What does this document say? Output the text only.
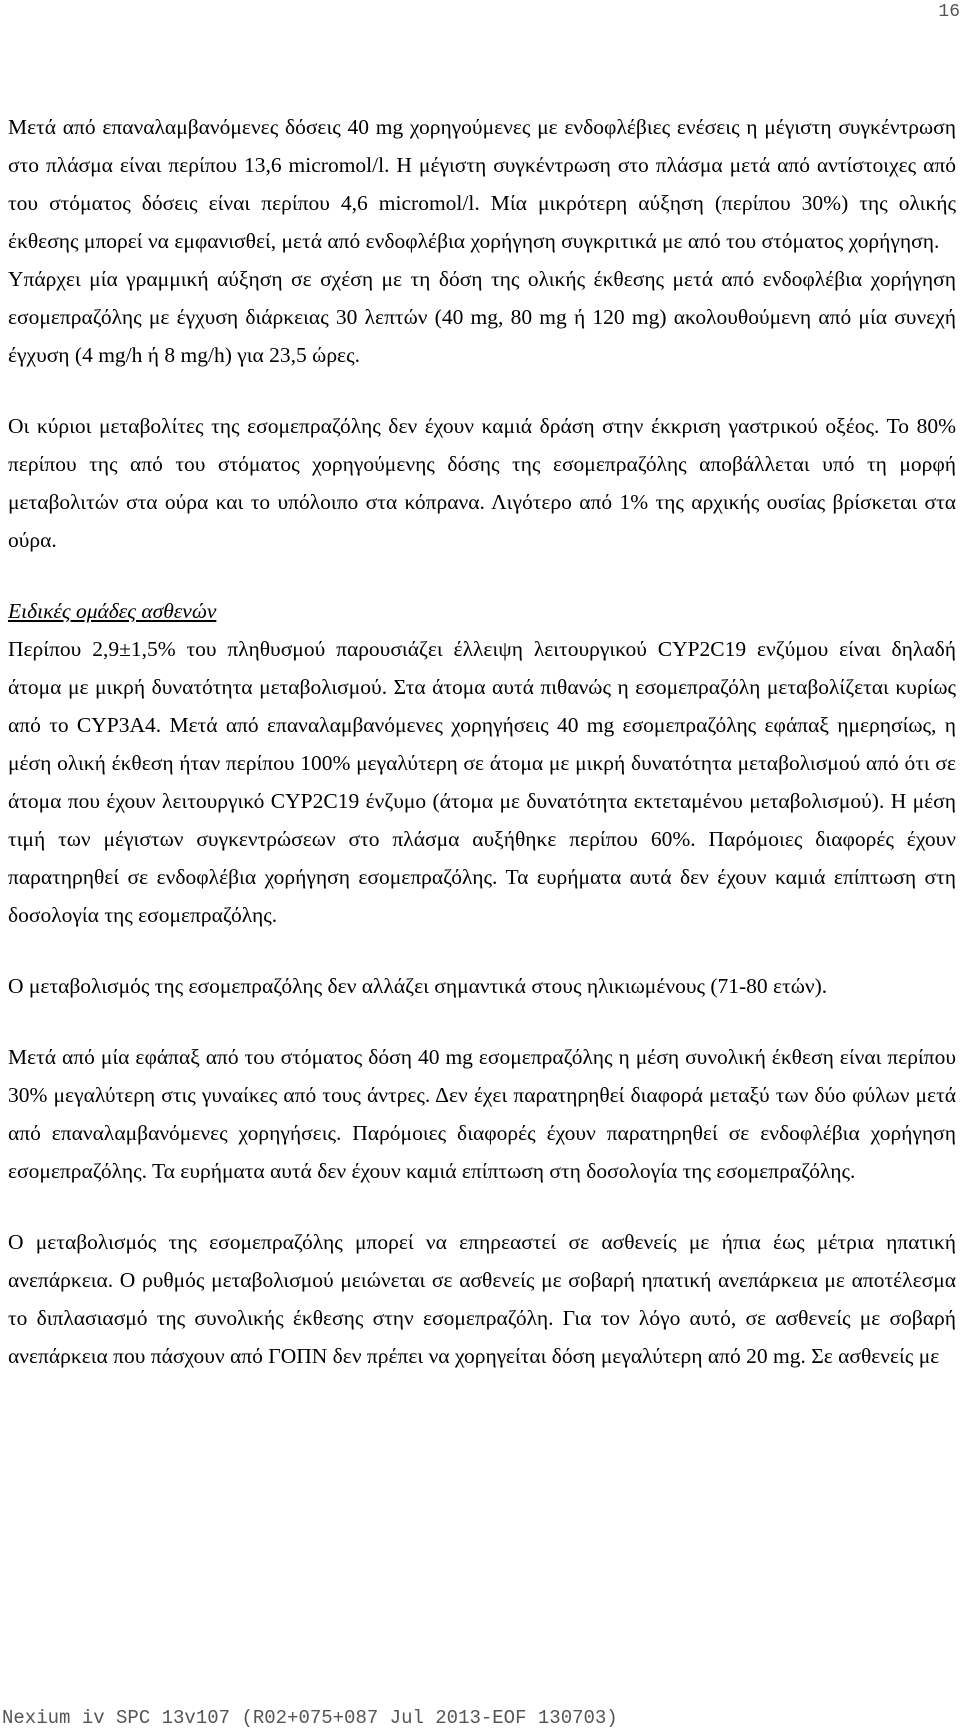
16

Μετά από επαναλαμβανόμενες δόσεις 40 mg χορηγούμενες με ενδοφλέβιες ενέσεις η μέγιστη συγκέντρωση στο πλάσμα είναι περίπου 13,6 micromol/l. Η μέγιστη συγκέντρωση στο πλάσμα μετά από αντίστοιχες από του στόματος δόσεις είναι περίπου 4,6 micromol/l. Μία μικρότερη αύξηση (περίπου 30%) της ολικής έκθεσης μπορεί να εμφανισθεί, μετά από ενδοφλέβια χορήγηση συγκριτικά με από του στόματος χορήγηση.

Υπάρχει μία γραμμική αύξηση σε σχέση με τη δόση της ολικής έκθεσης μετά από ενδοφλέβια χορήγηση εσομεπραζόλης με έγχυση διάρκειας 30 λεπτών (40 mg, 80 mg ή 120 mg) ακολουθούμενη από μία συνεχή έγχυση (4 mg/h ή 8 mg/h) για 23,5 ώρες.

Οι κύριοι μεταβολίτες της εσομεπραζόλης δεν έχουν καμιά δράση στην έκκριση γαστρικού οξέος. Το 80% περίπου της από του στόματος χορηγούμενης δόσης της εσομεπραζόλης αποβάλλεται υπό τη μορφή μεταβολιτών στα ούρα και το υπόλοιπο στα κόπρανα. Λιγότερο από 1% της αρχικής ουσίας βρίσκεται στα ούρα.

Ειδικές ομάδες ασθενών

Περίπου 2,9±1,5% του πληθυσμού παρουσιάζει έλλειψη λειτουργικού CYP2C19 ενζύμου είναι δηλαδή άτομα με μικρή δυνατότητα μεταβολισμού. Στα άτομα αυτά πιθανώς η εσομεπραζόλη μεταβολίζεται κυρίως από το CYP3A4. Μετά από επαναλαμβανόμενες χορηγήσεις 40 mg εσομεπραζόλης εφάπαξ ημερησίως, η μέση ολική έκθεση ήταν περίπου 100% μεγαλύτερη σε άτομα με μικρή δυνατότητα μεταβολισμού από ότι σε άτομα που έχουν λειτουργικό CYP2C19 ένζυμο (άτομα με δυνατότητα εκτεταμένου μεταβολισμού). Η μέση τιμή των μέγιστων συγκεντρώσεων στο πλάσμα αυξήθηκε περίπου 60%. Παρόμοιες διαφορές έχουν παρατηρηθεί σε ενδοφλέβια χορήγηση εσομεπραζόλης. Τα ευρήματα αυτά δεν έχουν καμιά επίπτωση στη δοσολογία της εσομεπραζόλης.

Ο μεταβολισμός της εσομεπραζόλης δεν αλλάζει σημαντικά στους ηλικιωμένους (71-80 ετών).

Μετά από μία εφάπαξ από του στόματος δόση 40 mg εσομεπραζόλης η μέση συνολική έκθεση είναι περίπου 30% μεγαλύτερη στις γυναίκες από τους άντρες. Δεν έχει παρατηρηθεί διαφορά μεταξύ των δύο φύλων μετά από επαναλαμβανόμενες χορηγήσεις. Παρόμοιες διαφορές έχουν παρατηρηθεί σε ενδοφλέβια χορήγηση εσομεπραζόλης. Τα ευρήματα αυτά δεν έχουν καμιά επίπτωση στη δοσολογία της εσομεπραζόλης.

Ο μεταβολισμός της εσομεπραζόλης μπορεί να επηρεαστεί σε ασθενείς με ήπια έως μέτρια ηπατική ανεπάρκεια. Ο ρυθμός μεταβολισμού μειώνεται σε ασθενείς με σοβαρή ηπατική ανεπάρκεια με αποτέλεσμα το διπλασιασμό της συνολικής έκθεσης στην εσομεπραζόλη. Για τον λόγο αυτό, σε ασθενείς με σοβαρή ανεπάρκεια που πάσχουν από ΓΟΠΝ δεν πρέπει να χορηγείται δόση μεγαλύτερη από 20 mg. Σε ασθενείς με

Nexium iv SPC 13v107 (R02+075+087 Jul 2013-EOF 130703)
